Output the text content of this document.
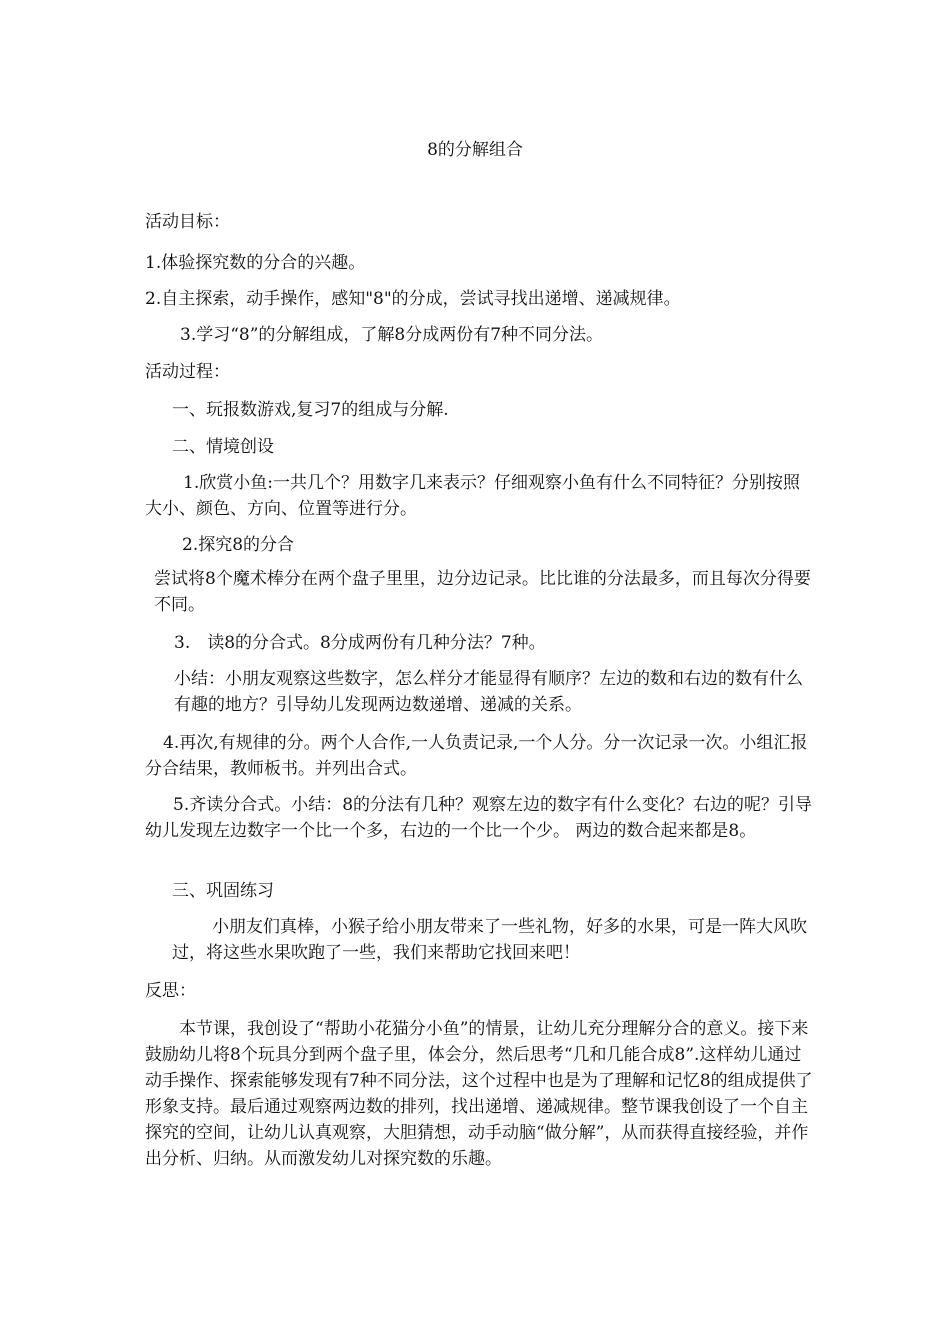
8的分解组合
活动目标：
1.体验探究数的分合的兴趣。
2.自主探索，动手操作，感知"8"的分成，尝试寻找出递增、递减规律。
3.学习“8”的分解组成，了解8分成两份有7种不同分法。
活动过程：
一、玩报数游戏,复习7的组成与分解.
二、情境创设
1.欣赏小鱼:一共几个？用数字几来表示？仔细观察小鱼有什么不同特征？分别按照大小、颜色、方向、位置等进行分。
2.探究8的分合
尝试将8个魔术棒分在两个盘子里里，边分边记录。比比谁的分法最多，而且每次分得要不同。
3.　读8的分合式。8分成两份有几种分法？7种。
小结：小朋友观察这些数字，怎么样分才能显得有顺序？左边的数和右边的数有什么有趣的地方？引导幼儿发现两边数递增、递减的关系。
4.再次,有规律的分。两个人合作,一人负责记录,一个人分。分一次记录一次。小组汇报分合结果，教师板书。并列出合式。
5.齐读分合式。小结：8的分法有几种？观察左边的数字有什么变化？右边的呢？引导幼儿发现左边数字一个比一个多，右边的一个比一个少。 两边的数合起来都是8。
三、巩固练习
小朋友们真棒，小猴子给小朋友带来了一些礼物，好多的水果，可是一阵大风吹过，将这些水果吹跑了一些，我们来帮助它找回来吧！
反思：
本节课，我创设了“帮助小花猫分小鱼”的情景，让幼儿充分理解分合的意义。接下来鼓励幼儿将8个玩具分到两个盘子里，体会分，然后思考“几和几能合成8”.这样幼儿通过动手操作、探索能够发现有7种不同分法，这个过程中也是为了理解和记忆8的组成提供了形象支持。最后通过观察两边数的排列，找出递增、递减规律。整节课我创设了一个自主探究的空间，让幼儿认真观察，大胆猜想，动手动脑“做分解”，从而获得直接经验，并作出分析、归纳。从而激发幼儿对探究数的乐趣。
